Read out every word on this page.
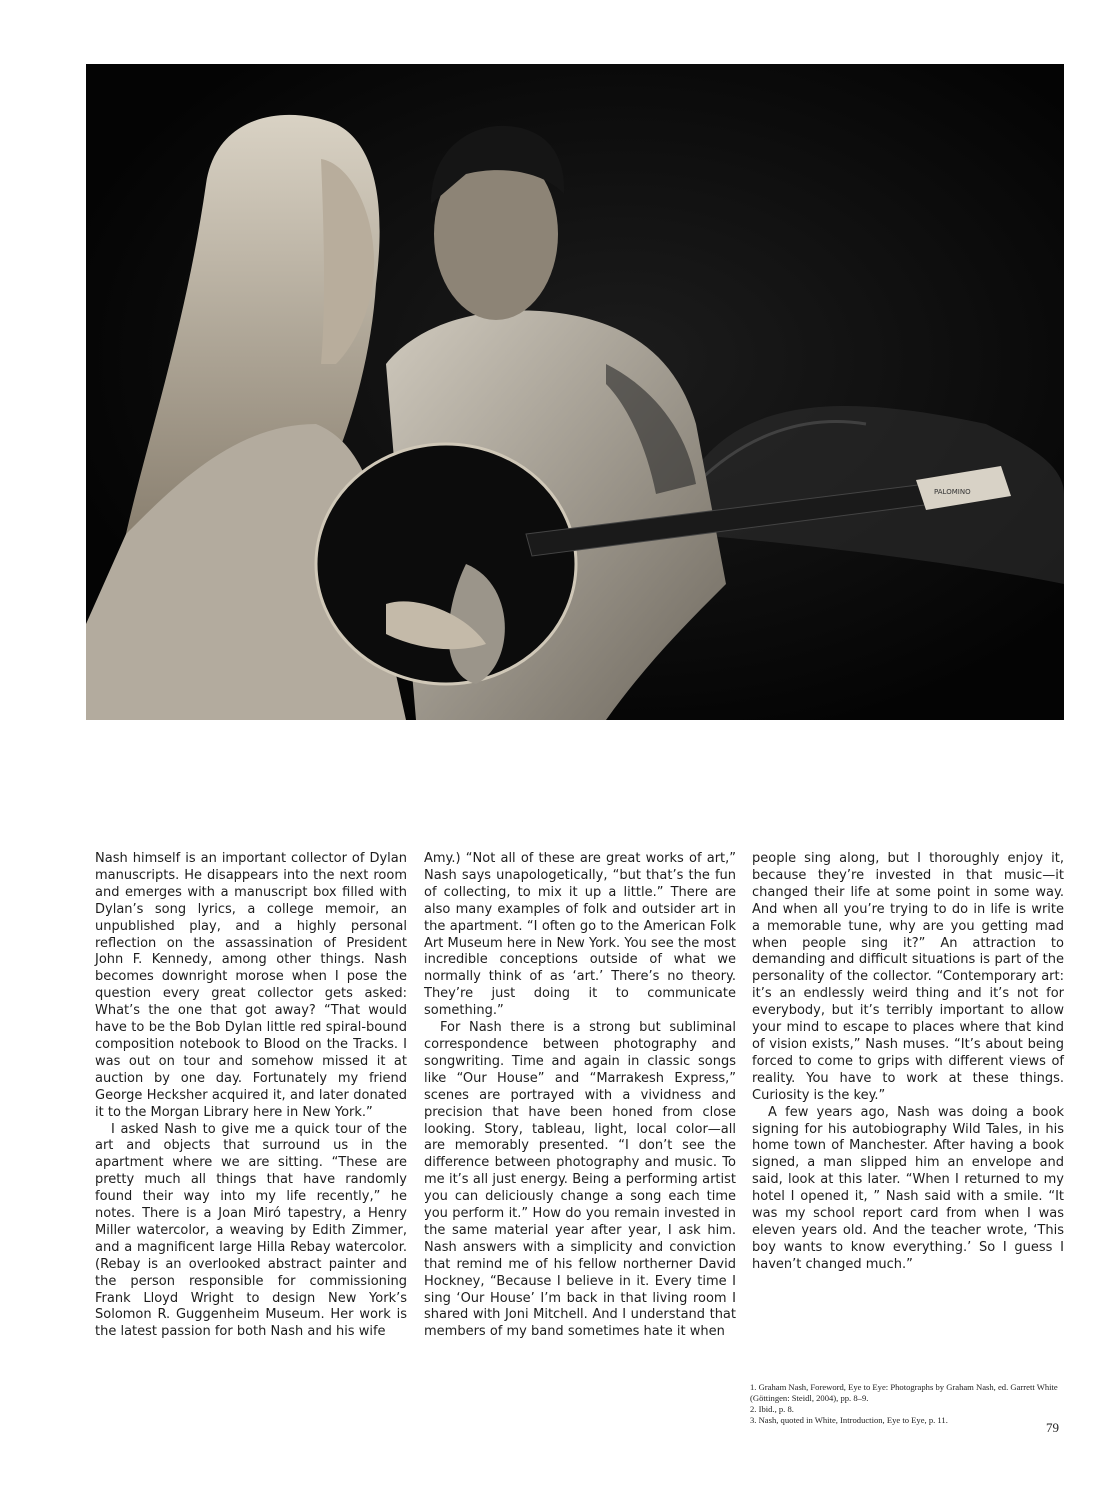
PALOMINO

Nash himself is an important collector of Dylan manuscripts. He disappears into the next room and emerges with a manuscript box filled with Dylan’s song lyrics, a college memoir, an unpublished play, and a highly personal reflection on the assassination of President John F. Kennedy, among other things. Nash becomes downright morose when I pose the question every great collector gets asked: What’s the one that got away? “That would have to be the Bob Dylan little red spiral-bound composition notebook to Blood on the Tracks. I was out on tour and somehow missed it at auction by one day. Fortunately my friend George Hecksher acquired it, and later donated it to the Morgan Library here in New York.”

I asked Nash to give me a quick tour of the art and objects that surround us in the apartment where we are sitting. “These are pretty much all things that have randomly found their way into my life recently,” he notes. There is a Joan Miró tapestry, a Henry Miller watercolor, a weaving by Edith Zimmer, and a magnificent large Hilla Rebay watercolor. (Rebay is an overlooked abstract painter and the person responsible for commissioning Frank Lloyd Wright to design New York’s Solomon R. Guggenheim Museum. Her work is the latest passion for both Nash and his wife

Amy.) “Not all of these are great works of art,” Nash says unapologetically, “but that’s the fun of collecting, to mix it up a little.” There are also many examples of folk and outsider art in the apartment. “I often go to the American Folk Art Museum here in New York. You see the most incredible conceptions outside of what we normally think of as ‘art.’ There’s no theory. They’re just doing it to communicate something.”

For Nash there is a strong but subliminal correspondence between photography and songwriting. Time and again in classic songs like “Our House” and “Marrakesh Express,” scenes are portrayed with a vividness and precision that have been honed from close looking. Story, tableau, light, local color—all are memorably presented. “I don’t see the difference between photography and music. To me it’s all just energy. Being a performing artist you can deliciously change a song each time you perform it.” How do you remain invested in the same material year after year, I ask him. Nash answers with a simplicity and conviction that remind me of his fellow northerner David Hockney, “Because I believe in it. Every time I sing ‘Our House’ I’m back in that living room I shared with Joni Mitchell. And I understand that members of my band sometimes hate it when

people sing along, but I thoroughly enjoy it, because they’re invested in that music—it changed their life at some point in some way. And when all you’re trying to do in life is write a memorable tune, why are you getting mad when people sing it?” An attraction to demanding and difficult situations is part of the personality of the collector. “Contemporary art: it’s an endlessly weird thing and it’s not for everybody, but it’s terribly important to allow your mind to escape to places where that kind of vision exists,” Nash muses. “It’s about being forced to come to grips with different views of reality. You have to work at these things. Curiosity is the key.”

A few years ago, Nash was doing a book signing for his autobiography Wild Tales, in his home town of Manchester. After having a book signed, a man slipped him an envelope and said, look at this later. “When I returned to my hotel I opened it, ” Nash said with a smile. “It was my school report card from when I was eleven years old. And the teacher wrote, ‘This boy wants to know everything.’ So I guess I haven’t changed much.”

1. Graham Nash, Foreword, Eye to Eye: Photographs by Graham Nash, ed. Garrett White (Göttingen: Steidl, 2004), pp. 8–9.
2. Ibid., p. 8.
3. Nash, quoted in White, Introduction, Eye to Eye, p. 11.	79
